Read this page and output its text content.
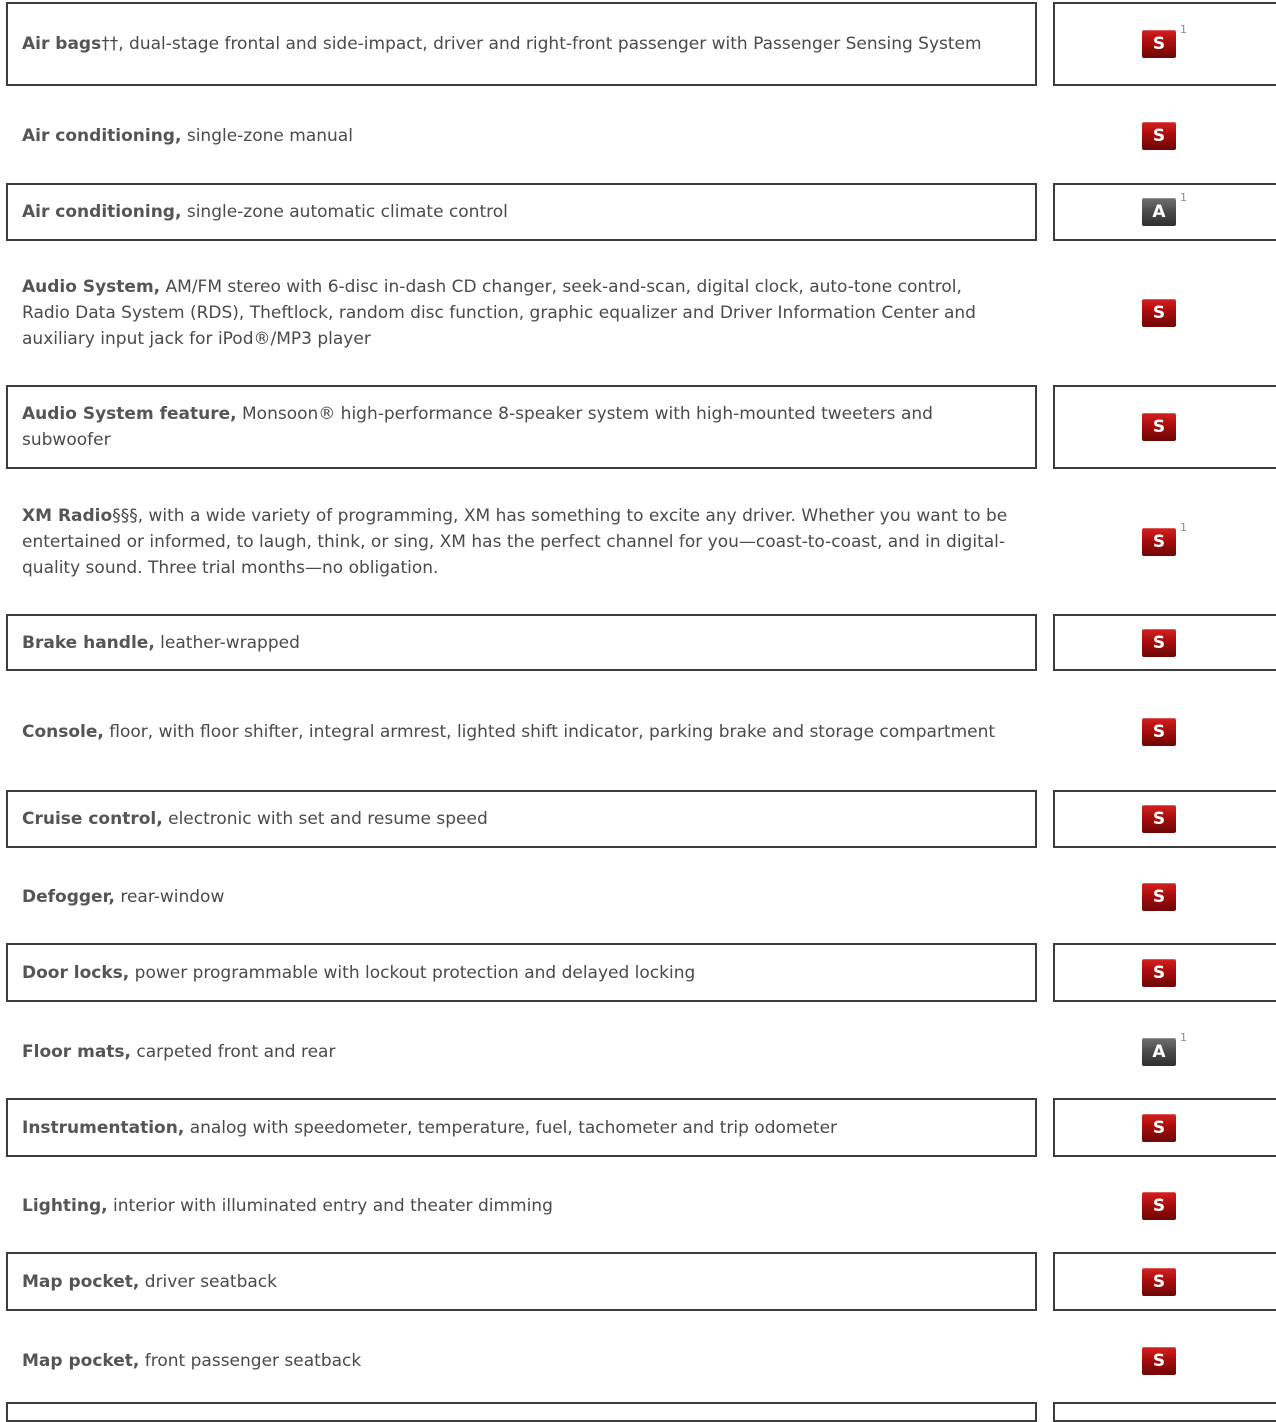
Air bags††, dual-stage frontal and side-impact, driver and right-front passenger with Passenger Sensing System	S
1
Air conditioning, single-zone manual	S
Air conditioning, single-zone automatic climate control	A
1
Audio System, AM/FM stereo with 6-disc in-dash CD changer, seek-and-scan, digital clock, auto-tone control, Radio Data System (RDS), Theftlock, random disc function, graphic equalizer and Driver Information Center and auxiliary input jack for iPod®/MP3 player
S
Audio System feature, Monsoon® high-performance 8-speaker system with high-mounted tweeters and subwoofer
S
XM Radio§§§, with a wide variety of programming, XM has something to excite any driver. Whether you want to be entertained or informed, to laugh, think, or sing, XM has the perfect channel for you—coast-to-coast, and in digital-quality sound. Three trial months—no obligation.
S
1
Brake handle, leather-wrapped	S
Console, floor, with floor shifter, integral armrest, lighted shift indicator, parking brake and storage compartment	S
Cruise control, electronic with set and resume speed	S
Defogger, rear-window	S
Door locks, power programmable with lockout protection and delayed locking	S
Floor mats, carpeted front and rear	A
1
Instrumentation, analog with speedometer, temperature, fuel, tachometer and trip odometer	S
Lighting, interior with illuminated entry and theater dimming	S
Map pocket, driver seatback	S
Map pocket, front passenger seatback	S
